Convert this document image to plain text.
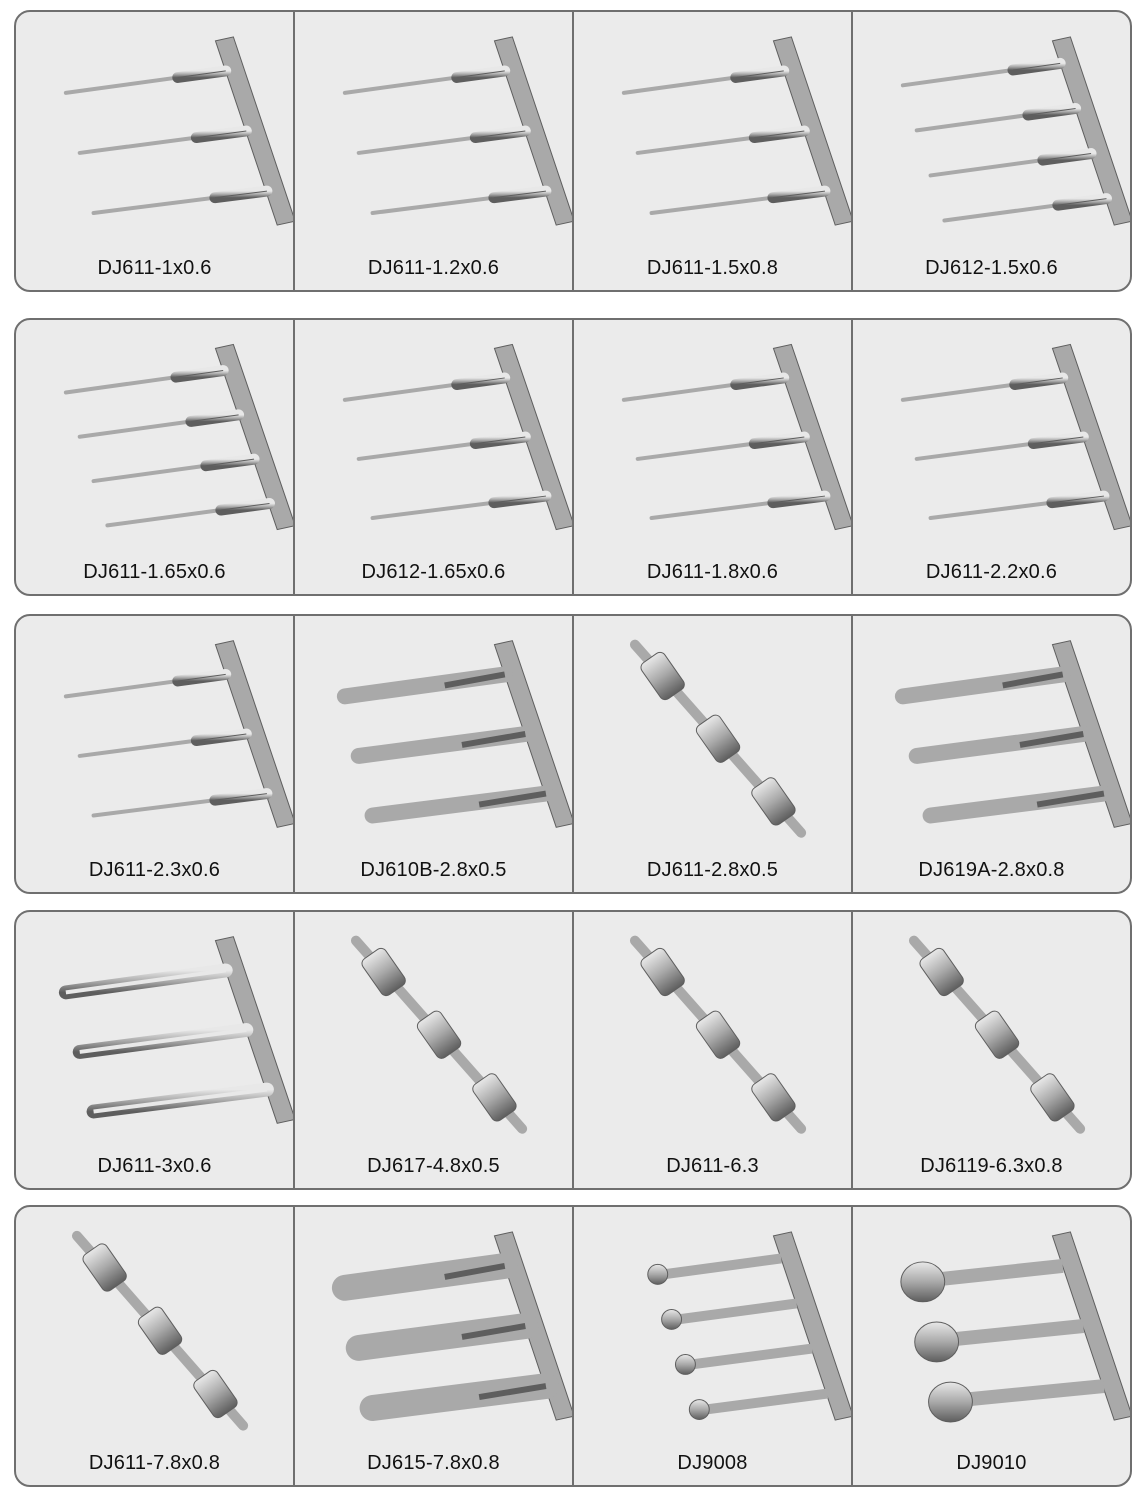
DJ611-1x0.6	DJ611-1.2x0.6	DJ611-1.5x0.8	DJ612-1.5x0.6
DJ611-1.65x0.6	DJ612-1.65x0.6	DJ611-1.8x0.6	DJ611-2.2x0.6
DJ611-2.3x0.6	DJ610B-2.8x0.5	DJ611-2.8x0.5	DJ619A-2.8x0.8
DJ611-3x0.6	DJ617-4.8x0.5	DJ611-6.3	DJ6119-6.3x0.8
DJ611-7.8x0.8	DJ615-7.8x0.8	DJ9008	DJ9010
